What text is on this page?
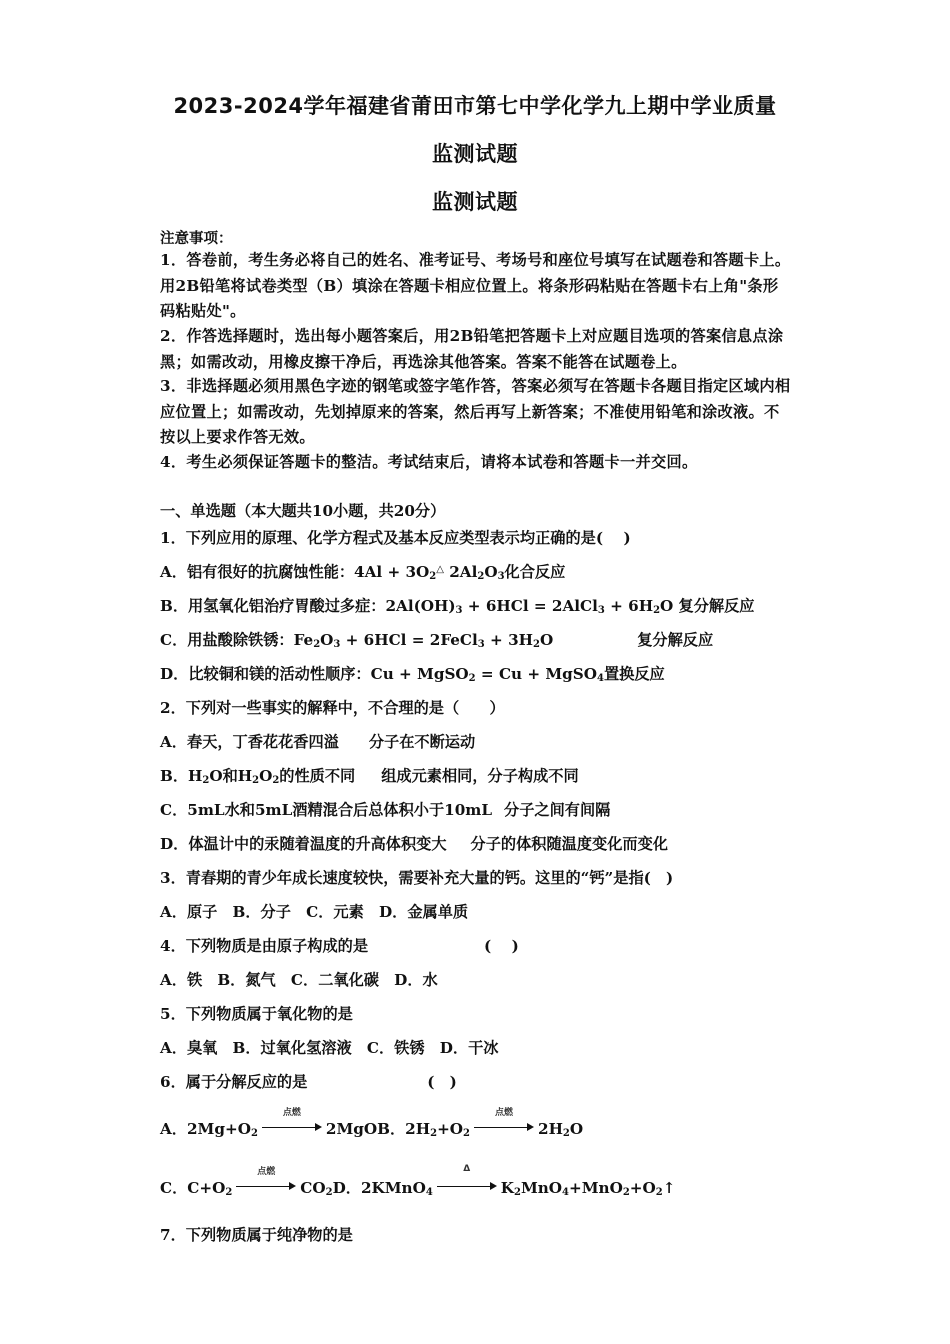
2023-2024学年福建省莆田市第七中学化学九上期中学业质量
监测试题
监测试题
注意事项：
1．答卷前，考生务必将自己的姓名、准考证号、考场号和座位号填写在试题卷和答题卡上。用2B铅笔将试卷类型（B）填涂在答题卡相应位置上。将条形码粘贴在答题卡右上角"条形码粘贴处"。
2．作答选择题时，选出每小题答案后，用2B铅笔把答题卡上对应题目选项的答案信息点涂黑；如需改动，用橡皮擦干净后，再选涂其他答案。答案不能答在试题卷上。
3．非选择题必须用黑色字迹的钢笔或签字笔作答，答案必须写在答题卡各题目指定区域内相应位置上；如需改动，先划掉原来的答案，然后再写上新答案；不准使用铅笔和涂改液。不按以上要求作答无效。
4．考生必须保证答题卡的整洁。考试结束后，请将本试卷和答题卡一并交回。
一、单选题（本大题共10小题，共20分）
1．下列应用的原理、化学方程式及基本反应类型表示均正确的是(　 )
A．铝有很好的抗腐蚀性能：$4Al + 3O_2^\triangle$ $2Al_2O_3$化合反应
B．用氢氧化铝治疗胃酸过多症：$2Al(OH)_3 + 6HCl$ = 2AlCl$_3$ + $6H_2O$ 复分解反应
C．用盐酸除铁锈：$Fe_2O_3 + 6HCl$ = 2FeCl$_3$ + $3H_2O$	复分解反应
D．比较铜和镁的活动性顺序：Cu + MgSO$_2$ = Cu + MgSO$_4$置换反应
2．下列对一些事实的解释中，不合理的是（　　）
A．春天，丁香花花香四溢 分子在不断运动
B．$H_2O$和$H_2O_2$的性质不同 组成元素相同，分子构成不同
C．5mL水和5mL酒精混合后总体积小于10mL 分子之间有间隔
D．体温计中的汞随着温度的升高体积变大 分子的体积随温度变化而变化
3．青春期的青少年成长速度较快，需要补充大量的钙。这里的“钙”是指(　)
A．原子　B．分子　C．元素　D．金属单质
4．下列物质是由原子构成的是	(　 )
A．铁　B．氮气　C．二氧化碳　D．水
5．下列物质属于氧化物的是
A．臭氧　B．过氧化氢溶液　C．铁锈　D．干冰
6．属于分解反应的是	(　)
A．$2Mg+O_2$
点燃
2MgOB．$2H_2+O_2$
点燃
$2H_2O$
C．$C+O_2$
点燃
$CO_2D$．2KMnO$_4$
Δ
$K_2MnO_4+MnO_2+O_2↑$
7．下列物质属于纯净物的是
